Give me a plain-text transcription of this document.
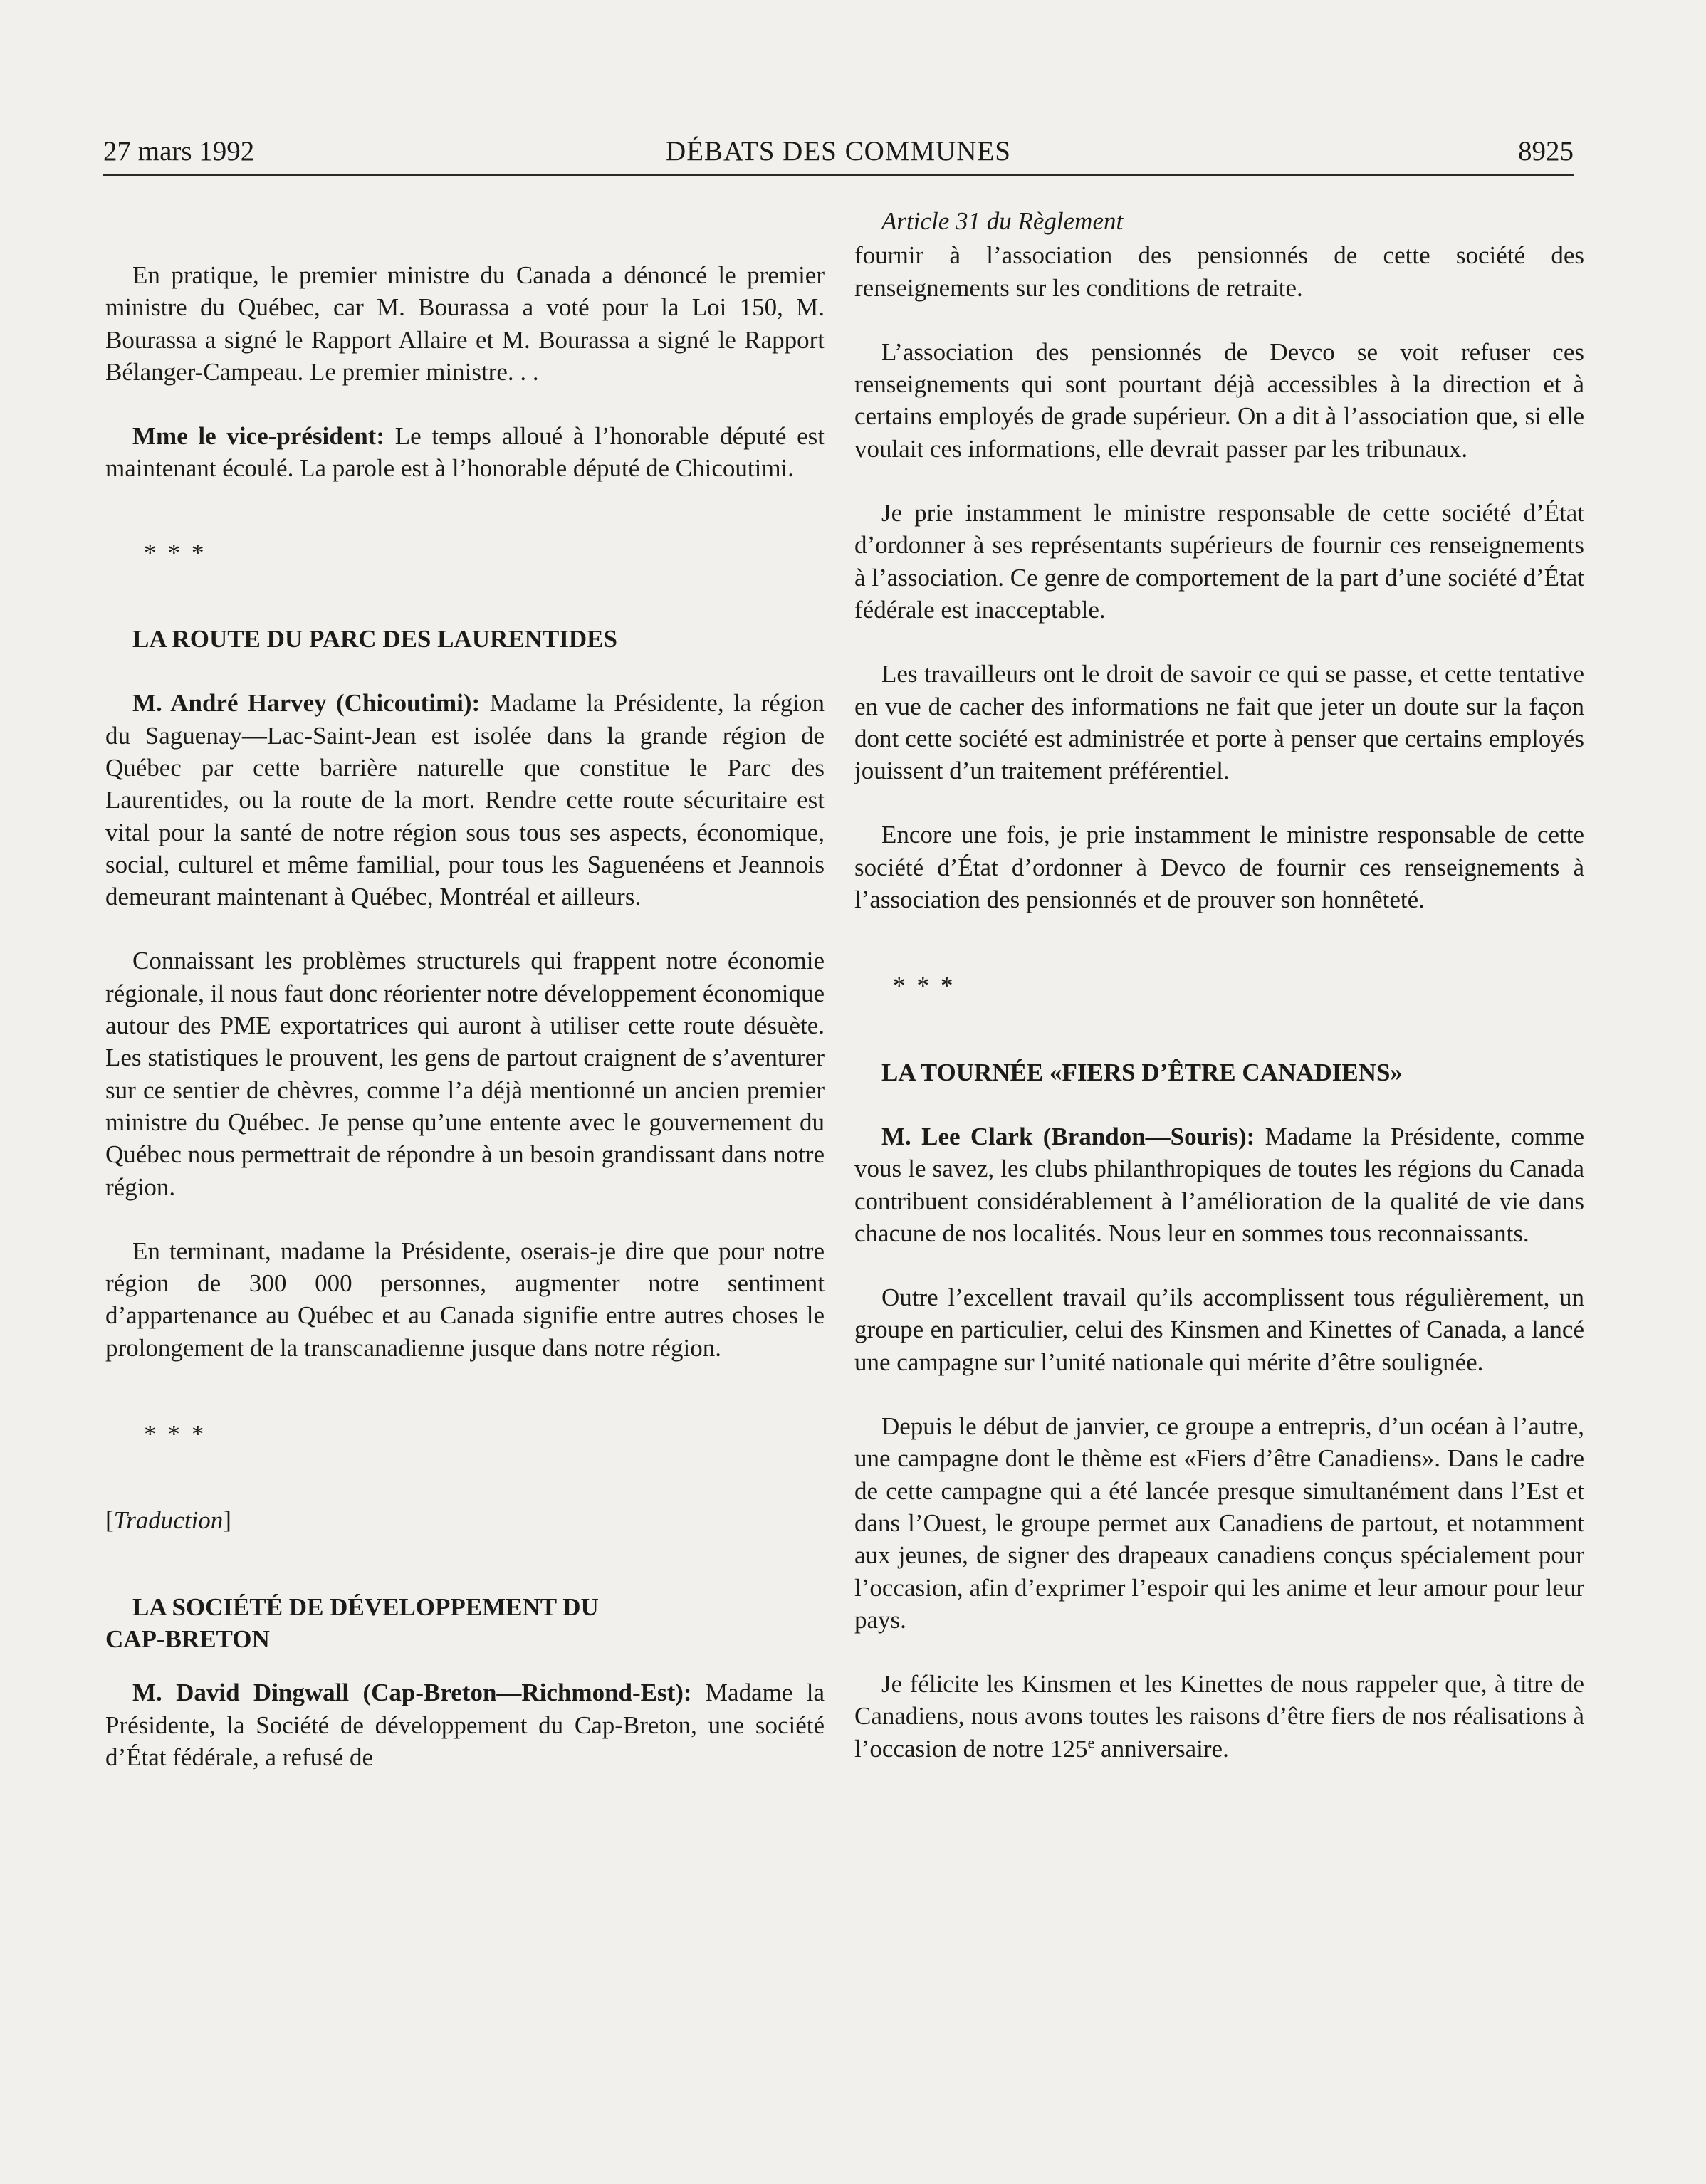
27 mars 1992	DÉBATS DES COMMUNES	8925

En pratique, le premier ministre du Canada a dénoncé le premier ministre du Québec, car M. Bourassa a voté pour la Loi 150, M. Bourassa a signé le Rapport Allaire et M. Bourassa a signé le Rapport Bélanger-Campeau. Le premier ministre. . .

Mme le vice-président: Le temps alloué à l’honorable député est maintenant écoulé. La parole est à l’honorable député de Chicoutimi.

***

LA ROUTE DU PARC DES LAURENTIDES

M. André Harvey (Chicoutimi): Madame la Présidente, la région du Saguenay—Lac-Saint-Jean est isolée dans la grande région de Québec par cette barrière naturelle que constitue le Parc des Laurentides, ou la route de la mort. Rendre cette route sécuritaire est vital pour la santé de notre région sous tous ses aspects, économique, social, culturel et même familial, pour tous les Saguenéens et Jeannois demeurant maintenant à Québec, Montréal et ailleurs.

Connaissant les problèmes structurels qui frappent notre économie régionale, il nous faut donc réorienter notre développement économique autour des PME exportatrices qui auront à utiliser cette route désuète. Les statistiques le prouvent, les gens de partout craignent de s’aventurer sur ce sentier de chèvres, comme l’a déjà mentionné un ancien premier ministre du Québec. Je pense qu’une entente avec le gouvernement du Québec nous permettrait de répondre à un besoin grandissant dans notre région.

En terminant, madame la Présidente, oserais-je dire que pour notre région de 300 000 personnes, augmenter notre sentiment d’appartenance au Québec et au Canada signifie entre autres choses le prolongement de la transcanadienne jusque dans notre région.

***

[Traduction]

LA SOCIÉTÉ DE DÉVELOPPEMENT DU
CAP-BRETON

M. David Dingwall (Cap-Breton—Richmond-Est): Madame la Présidente, la Société de développement du Cap-Breton, une société d’État fédérale, a refusé de

Article 31 du Règlement

fournir à l’association des pensionnés de cette société des renseignements sur les conditions de retraite.

L’association des pensionnés de Devco se voit refuser ces renseignements qui sont pourtant déjà accessibles à la direction et à certains employés de grade supérieur. On a dit à l’association que, si elle voulait ces informations, elle devrait passer par les tribunaux.

Je prie instamment le ministre responsable de cette société d’État d’ordonner à ses représentants supérieurs de fournir ces renseignements à l’association. Ce genre de comportement de la part d’une société d’État fédérale est inacceptable.

Les travailleurs ont le droit de savoir ce qui se passe, et cette tentative en vue de cacher des informations ne fait que jeter un doute sur la façon dont cette société est administrée et porte à penser que certains employés jouissent d’un traitement préférentiel.

Encore une fois, je prie instamment le ministre responsable de cette société d’État d’ordonner à Devco de fournir ces renseignements à l’association des pensionnés et de prouver son honnêteté.

***

LA TOURNÉE «FIERS D’ÊTRE CANADIENS»

M. Lee Clark (Brandon—Souris): Madame la Présidente, comme vous le savez, les clubs philanthropiques de toutes les régions du Canada contribuent considérablement à l’amélioration de la qualité de vie dans chacune de nos localités. Nous leur en sommes tous reconnaissants.

Outre l’excellent travail qu’ils accomplissent tous régulièrement, un groupe en particulier, celui des Kinsmen and Kinettes of Canada, a lancé une campagne sur l’unité nationale qui mérite d’être soulignée.

Depuis le début de janvier, ce groupe a entrepris, d’un océan à l’autre, une campagne dont le thème est «Fiers d’être Canadiens». Dans le cadre de cette campagne qui a été lancée presque simultanément dans l’Est et dans l’Ouest, le groupe permet aux Canadiens de partout, et notamment aux jeunes, de signer des drapeaux canadiens conçus spécialement pour l’occasion, afin d’exprimer l’espoir qui les anime et leur amour pour leur pays.

Je félicite les Kinsmen et les Kinettes de nous rappeler que, à titre de Canadiens, nous avons toutes les raisons d’être fiers de nos réalisations à l’occasion de notre 125e anniversaire.
